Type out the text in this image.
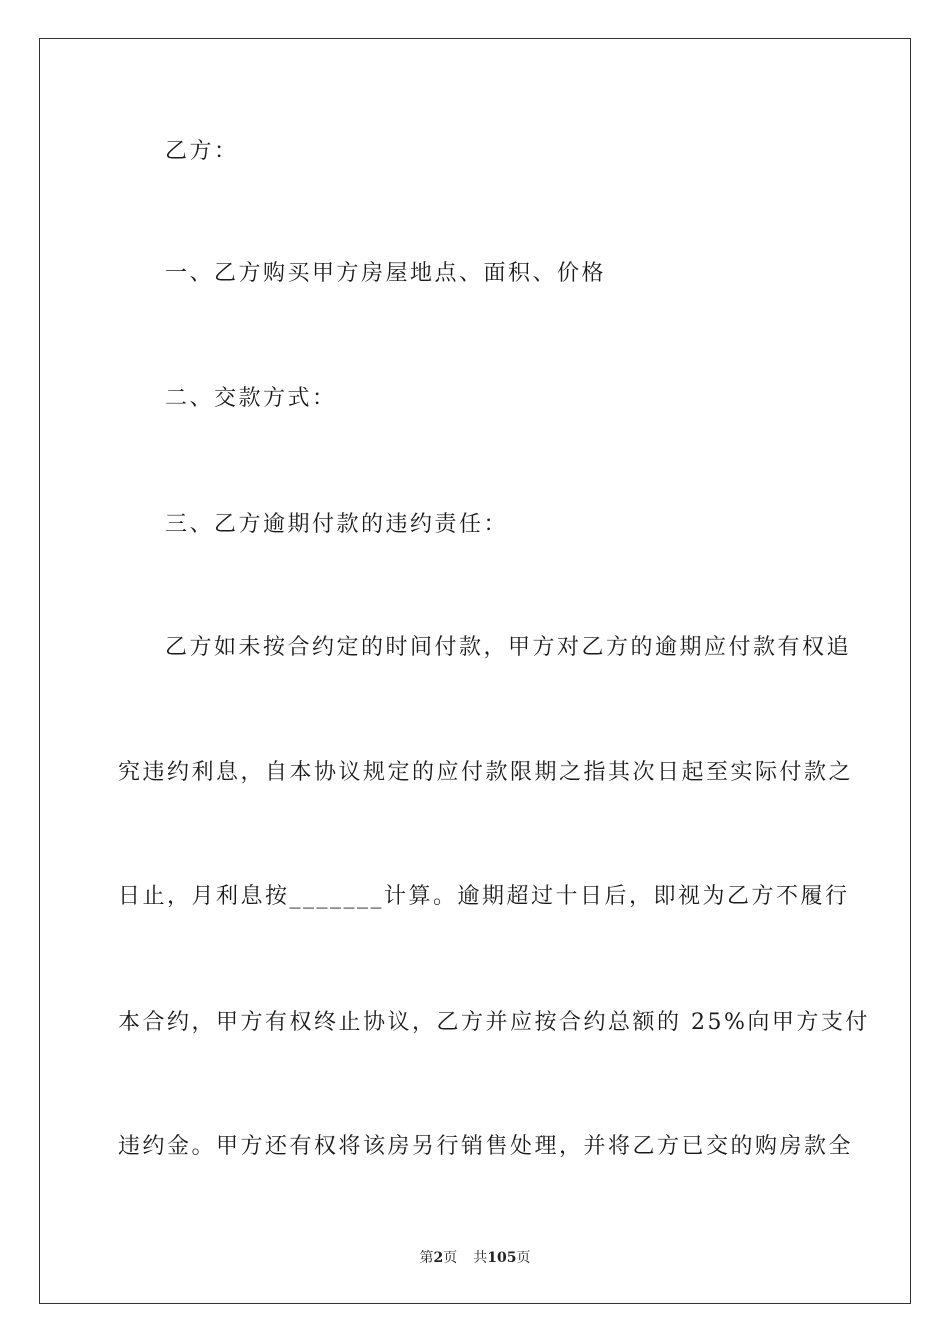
乙方：
一、乙方购买甲方房屋地点、面积、价格
二、交款方式：
三、乙方逾期付款的违约责任：
乙方如未按合约定的时间付款，甲方对乙方的逾期应付款有权追
究违约利息，自本协议规定的应付款限期之指其次日起至实际付款之
日止，月利息按_______计算。逾期超过十日后，即视为乙方不履行
本合约，甲方有权终止协议，乙方并应按合约总额的 25%向甲方支付
违约金。甲方还有权将该房另行销售处理，并将乙方已交的购房款全
第2页 共105页
